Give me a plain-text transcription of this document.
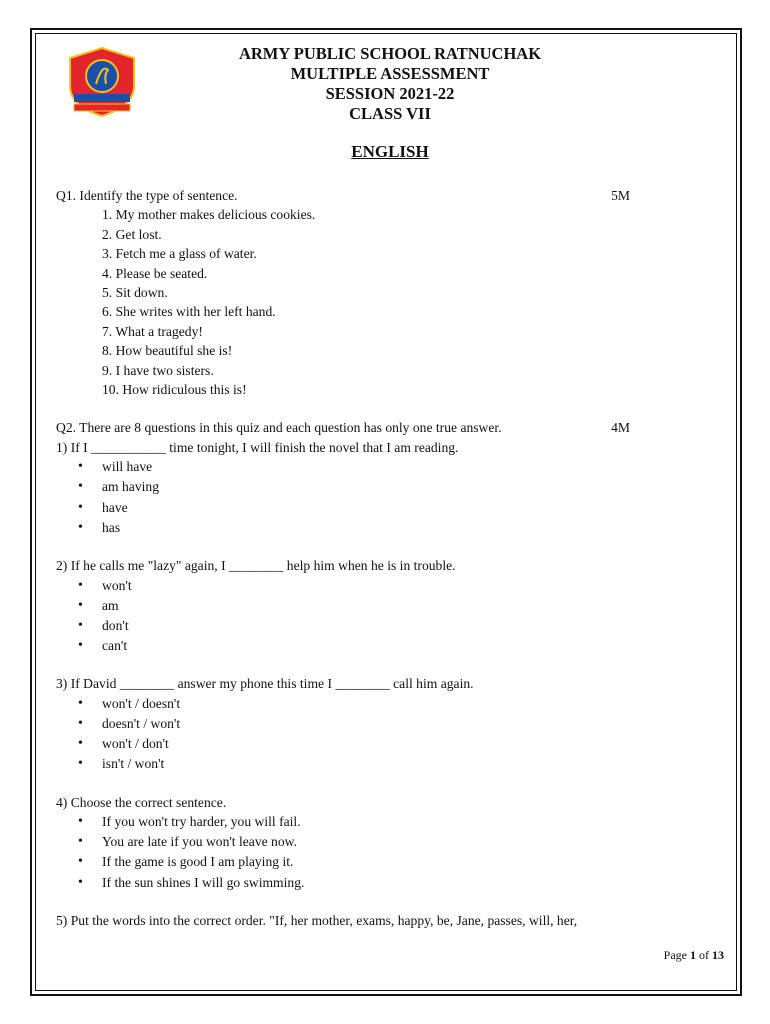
ARMY PUBLIC SCHOOL RATNUCHAK
MULTIPLE ASSESSMENT
SESSION 2021-22
CLASS VII
ENGLISH
Q1. Identify the type of sentence.	5M
1. My mother makes delicious cookies.
2. Get lost.
3. Fetch me a glass of water.
4. Please be seated.
5. Sit down.
6. She writes with her left hand.
7. What a tragedy!
8. How beautiful she is!
9. I have two sisters.
10. How ridiculous this is!
Q2. There are 8 questions in this quiz and each question has only one true answer.	4M
1) If I ___________ time tonight, I will finish the novel that I am reading.
• will have
• am having
• have
• has
2) If he calls me "lazy" again, I ________ help him when he is in trouble.
• won't
• am
• don't
• can't
3) If David ________ answer my phone this time I ________ call him again.
• won't / doesn't
• doesn't / won't
• won't / don't
• isn't / won't
4) Choose the correct sentence.
• If you won't try harder, you will fail.
• You are late if you won't leave now.
• If the game is good I am playing it.
• If the sun shines I will go swimming.
5) Put the words into the correct order. "If, her mother, exams, happy, be, Jane, passes, will, her,
Page 1 of 13
